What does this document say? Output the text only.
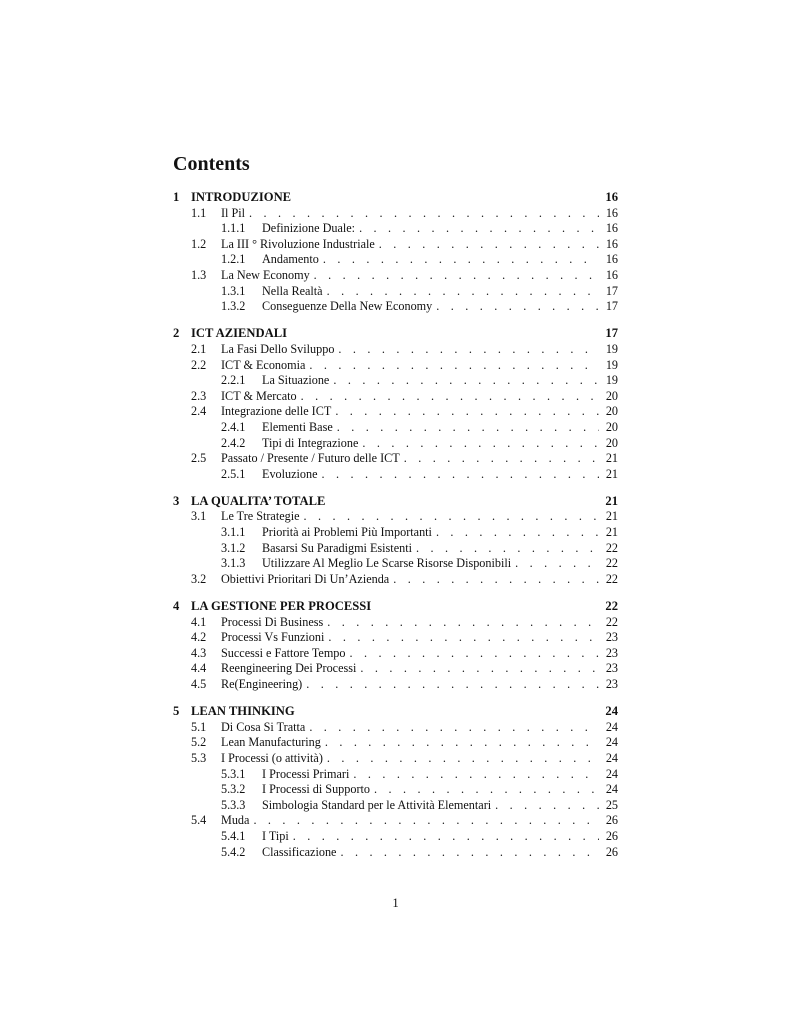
Contents
1 INTRODUZIONE	16
1.1	Il Pil . . .	16
1.1.1	Definizione Duale: . . .	16
1.2	La III ° Rivoluzione Industriale . . .	16
1.2.1	Andamento . . .	16
1.3	La New Economy . . .	16
1.3.1	Nella Realtà . . .	17
1.3.2	Conseguenze Della New Economy . . .	17
2 ICT AZIENDALI	17
2.1	La Fasi Dello Sviluppo . . .	19
2.2	ICT & Economia . . .	19
2.2.1	La Situazione . . .	19
2.3	ICT & Mercato . . .	20
2.4	Integrazione delle ICT . . .	20
2.4.1	Elementi Base . . .	20
2.4.2	Tipi di Integrazione . . .	20
2.5	Passato / Presente / Futuro delle ICT . . .	21
2.5.1	Evoluzione . . .	21
3 LA QUALITA’ TOTALE	21
3.1	Le Tre Strategie . . .	21
3.1.1	Priorità ai Problemi Più Importanti . . .	21
3.1.2	Basarsi Su Paradigmi Esistenti . . .	22
3.1.3	Utilizzare Al Meglio Le Scarse Risorse Disponibili . . .	22
3.2	Obiettivi Prioritari Di Un’Azienda . . .	22
4 LA GESTIONE PER PROCESSI	22
4.1	Processi Di Business . . .	22
4.2	Processi Vs Funzioni . . .	23
4.3	Successi e Fattore Tempo . . .	23
4.4	Reengineering Dei Processi . . .	23
4.5	Re(Engineering) . . .	23
5 LEAN THINKING	24
5.1	Di Cosa Si Tratta . . .	24
5.2	Lean Manufacturing . . .	24
5.3	I Processi (o attività) . . .	24
5.3.1	I Processi Primari . . .	24
5.3.2	I Processi di Supporto . . .	24
5.3.3	Simbologia Standard per le Attività Elementari . . .	25
5.4	Muda . . .	26
5.4.1	I Tipi . . .	26
5.4.2	Classificazione . . .	26
1
